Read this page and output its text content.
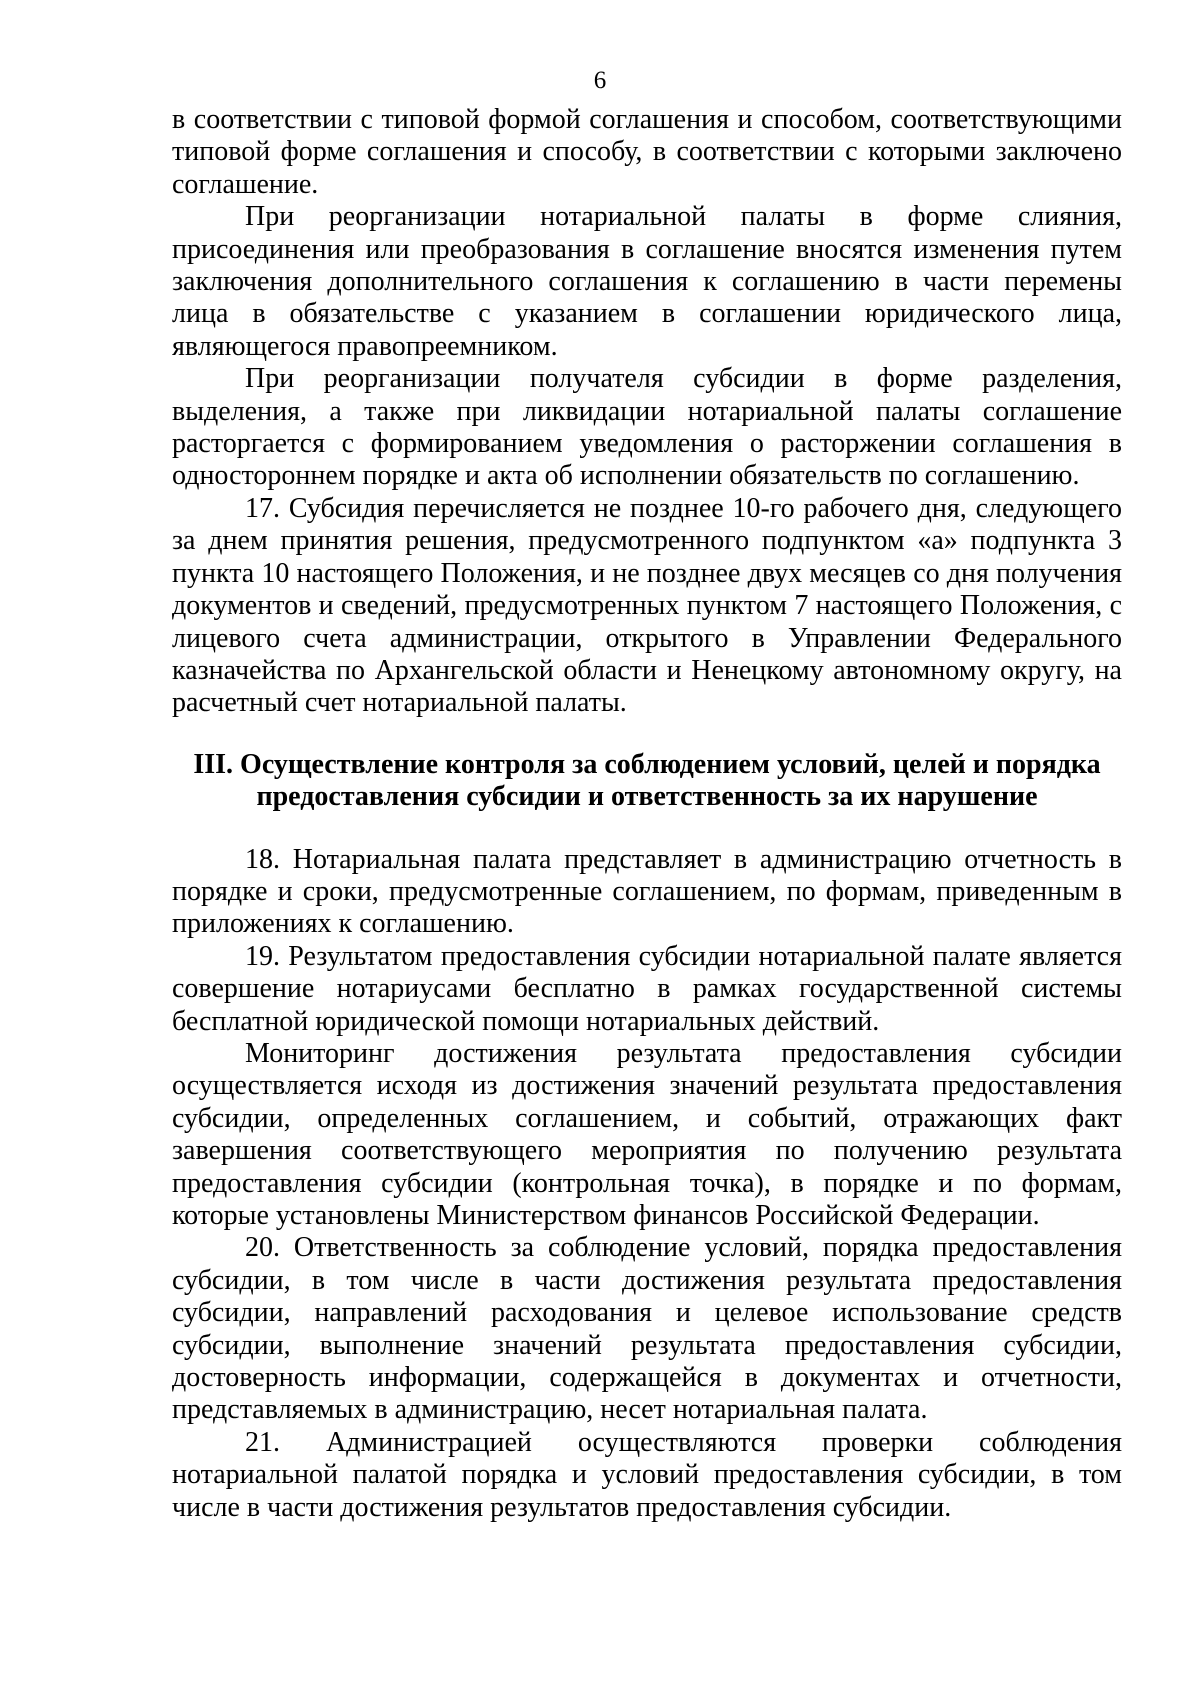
6

в соответствии с типовой формой соглашения и способом, соответствующими типовой форме соглашения и способу, в соответствии с которыми заключено соглашение.

При реорганизации нотариальной палаты в форме слияния, присоединения или преобразования в соглашение вносятся изменения путем заключения дополнительного соглашения к соглашению в части перемены лица в обязательстве с указанием в соглашении юридического лица, являющегося правопреемником.

При реорганизации получателя субсидии в форме разделения, выделения, а также при ликвидации нотариальной палаты соглашение расторгается с формированием уведомления о расторжении соглашения в одностороннем порядке и акта об исполнении обязательств по соглашению.

17. Субсидия перечисляется не позднее 10-го рабочего дня, следующего за днем принятия решения, предусмотренного подпунктом «а» подпункта 3 пункта 10 настоящего Положения, и не позднее двух месяцев со дня получения документов и сведений, предусмотренных пунктом 7 настоящего Положения, с лицевого счета администрации, открытого в Управлении Федерального казначейства по Архангельской области и Ненецкому автономному округу, на расчетный счет нотариальной палаты.

III. Осуществление контроля за соблюдением условий, целей и порядка
предоставления субсидии и ответственность за их нарушение

18. Нотариальная палата представляет в администрацию отчетность в порядке и сроки, предусмотренные соглашением, по формам, приведенным в приложениях к соглашению.

19. Результатом предоставления субсидии нотариальной палате является совершение нотариусами бесплатно в рамках государственной системы бесплатной юридической помощи нотариальных действий.

Мониторинг достижения результата предоставления субсидии осуществляется исходя из достижения значений результата предоставления субсидии, определенных соглашением, и событий, отражающих факт завершения соответствующего мероприятия по получению результата предоставления субсидии (контрольная точка), в порядке и по формам, которые установлены Министерством финансов Российской Федерации.

20. Ответственность за соблюдение условий, порядка предоставления субсидии, в том числе в части достижения результата предоставления субсидии, направлений расходования и целевое использование средств субсидии, выполнение значений результата предоставления субсидии, достоверность информации, содержащейся в документах и отчетности, представляемых в администрацию, несет нотариальная палата.

21. Администрацией осуществляются проверки соблюдения нотариальной палатой порядка и условий предоставления субсидии, в том числе в части достижения результатов предоставления субсидии.
